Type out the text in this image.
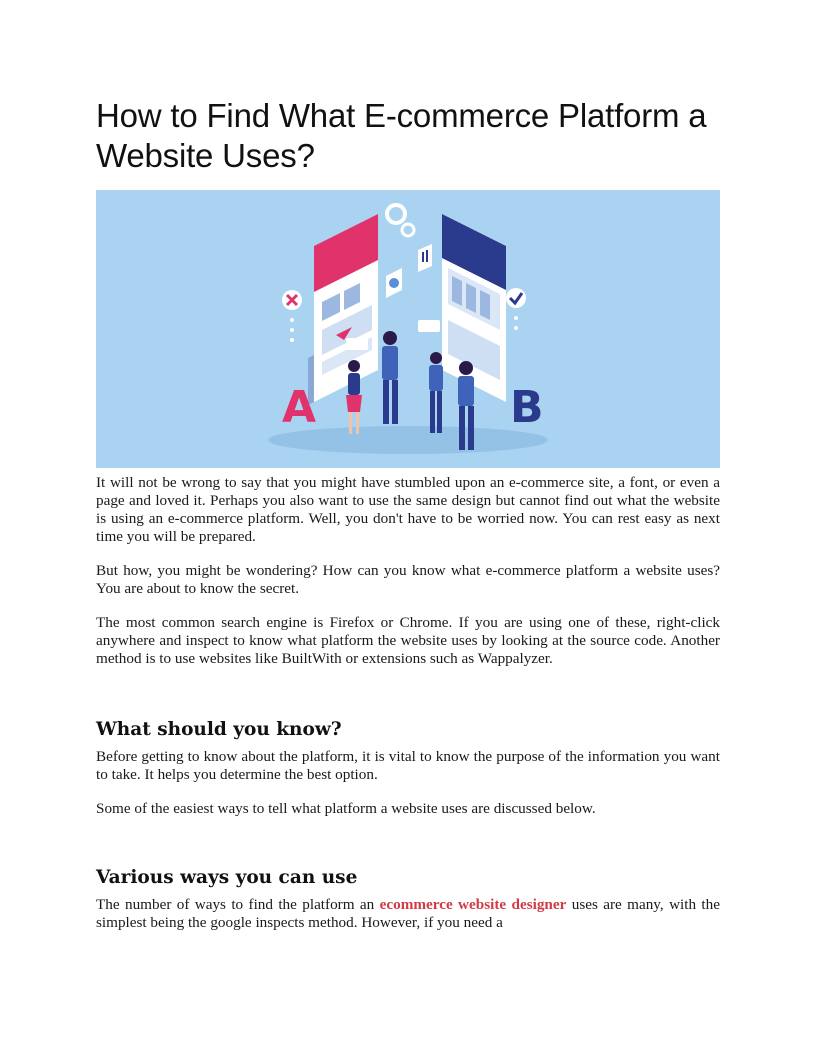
How to Find What E-commerce Platform a Website Uses?
A	B

It will not be wrong to say that you might have stumbled upon an e-commerce site, a font, or even a page and loved it. Perhaps you also want to use the same design but cannot find out what the website is using an e-commerce platform. Well, you don't have to be worried now. You can rest easy as next time you will be prepared.

But how, you might be wondering? How can you know what e-commerce platform a website uses? You are about to know the secret.

The most common search engine is Firefox or Chrome. If you are using one of these, right-click anywhere and inspect to know what platform the website uses by looking at the source code. Another method is to use websites like BuiltWith or extensions such as Wappalyzer.

What should you know?

Before getting to know about the platform, it is vital to know the purpose of the information you want to take. It helps you determine the best option.

Some of the easiest ways to tell what platform a website uses are discussed below.

Various ways you can use

The number of ways to find the platform an ecommerce website designer uses are many, with the simplest being the google inspects method. However, if you need a
